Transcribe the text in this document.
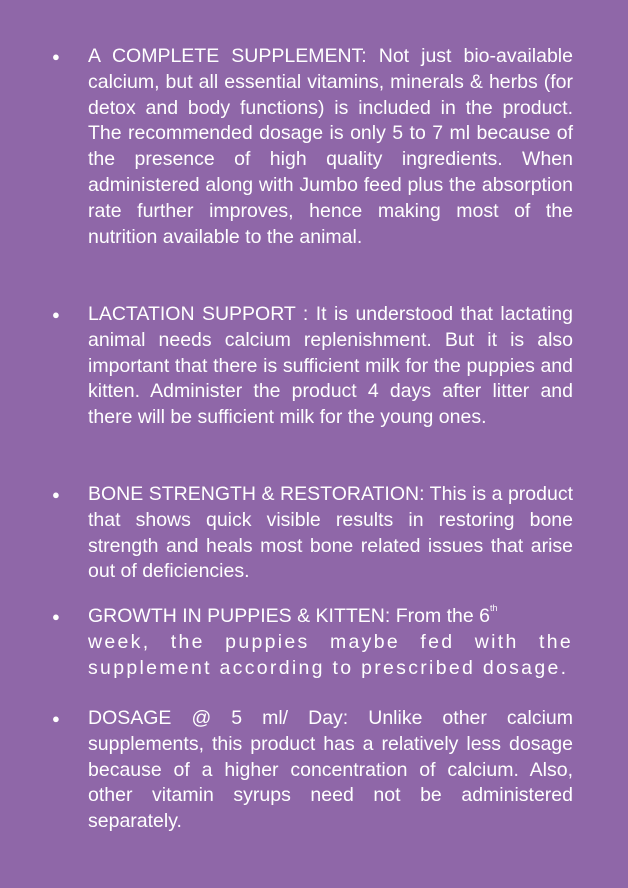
●	A COMPLETE SUPPLEMENT: Not just bio-available calcium, but all essential vitamins, minerals & herbs (for detox and body functions) is included in the product. The recommended dosage is only 5 to 7 ml because of the presence of high quality ingredients. When administered along with Jumbo feed plus the absorption rate further improves, hence making most of the nutrition available to the animal.
●	LACTATION SUPPORT : It is understood that lactating animal needs calcium replenishment. But it is also important that there is sufficient milk for the puppies and kitten. Administer the product 4 days after litter and there will be sufficient milk for the young ones.
●	BONE STRENGTH & RESTORATION: This is a product that shows quick visible results in restoring bone strength and heals most bone related issues that arise out of deficiencies.
●	GROWTH IN PUPPIES & KITTEN: From the 6th
week, the puppies maybe fed with the supplement according to prescribed dosage.
●	DOSAGE @ 5 ml/ Day: Unlike other calcium supplements, this product has a relatively less dosage because of a higher concentration of calcium. Also, other vitamin syrups need not be administered separately.
